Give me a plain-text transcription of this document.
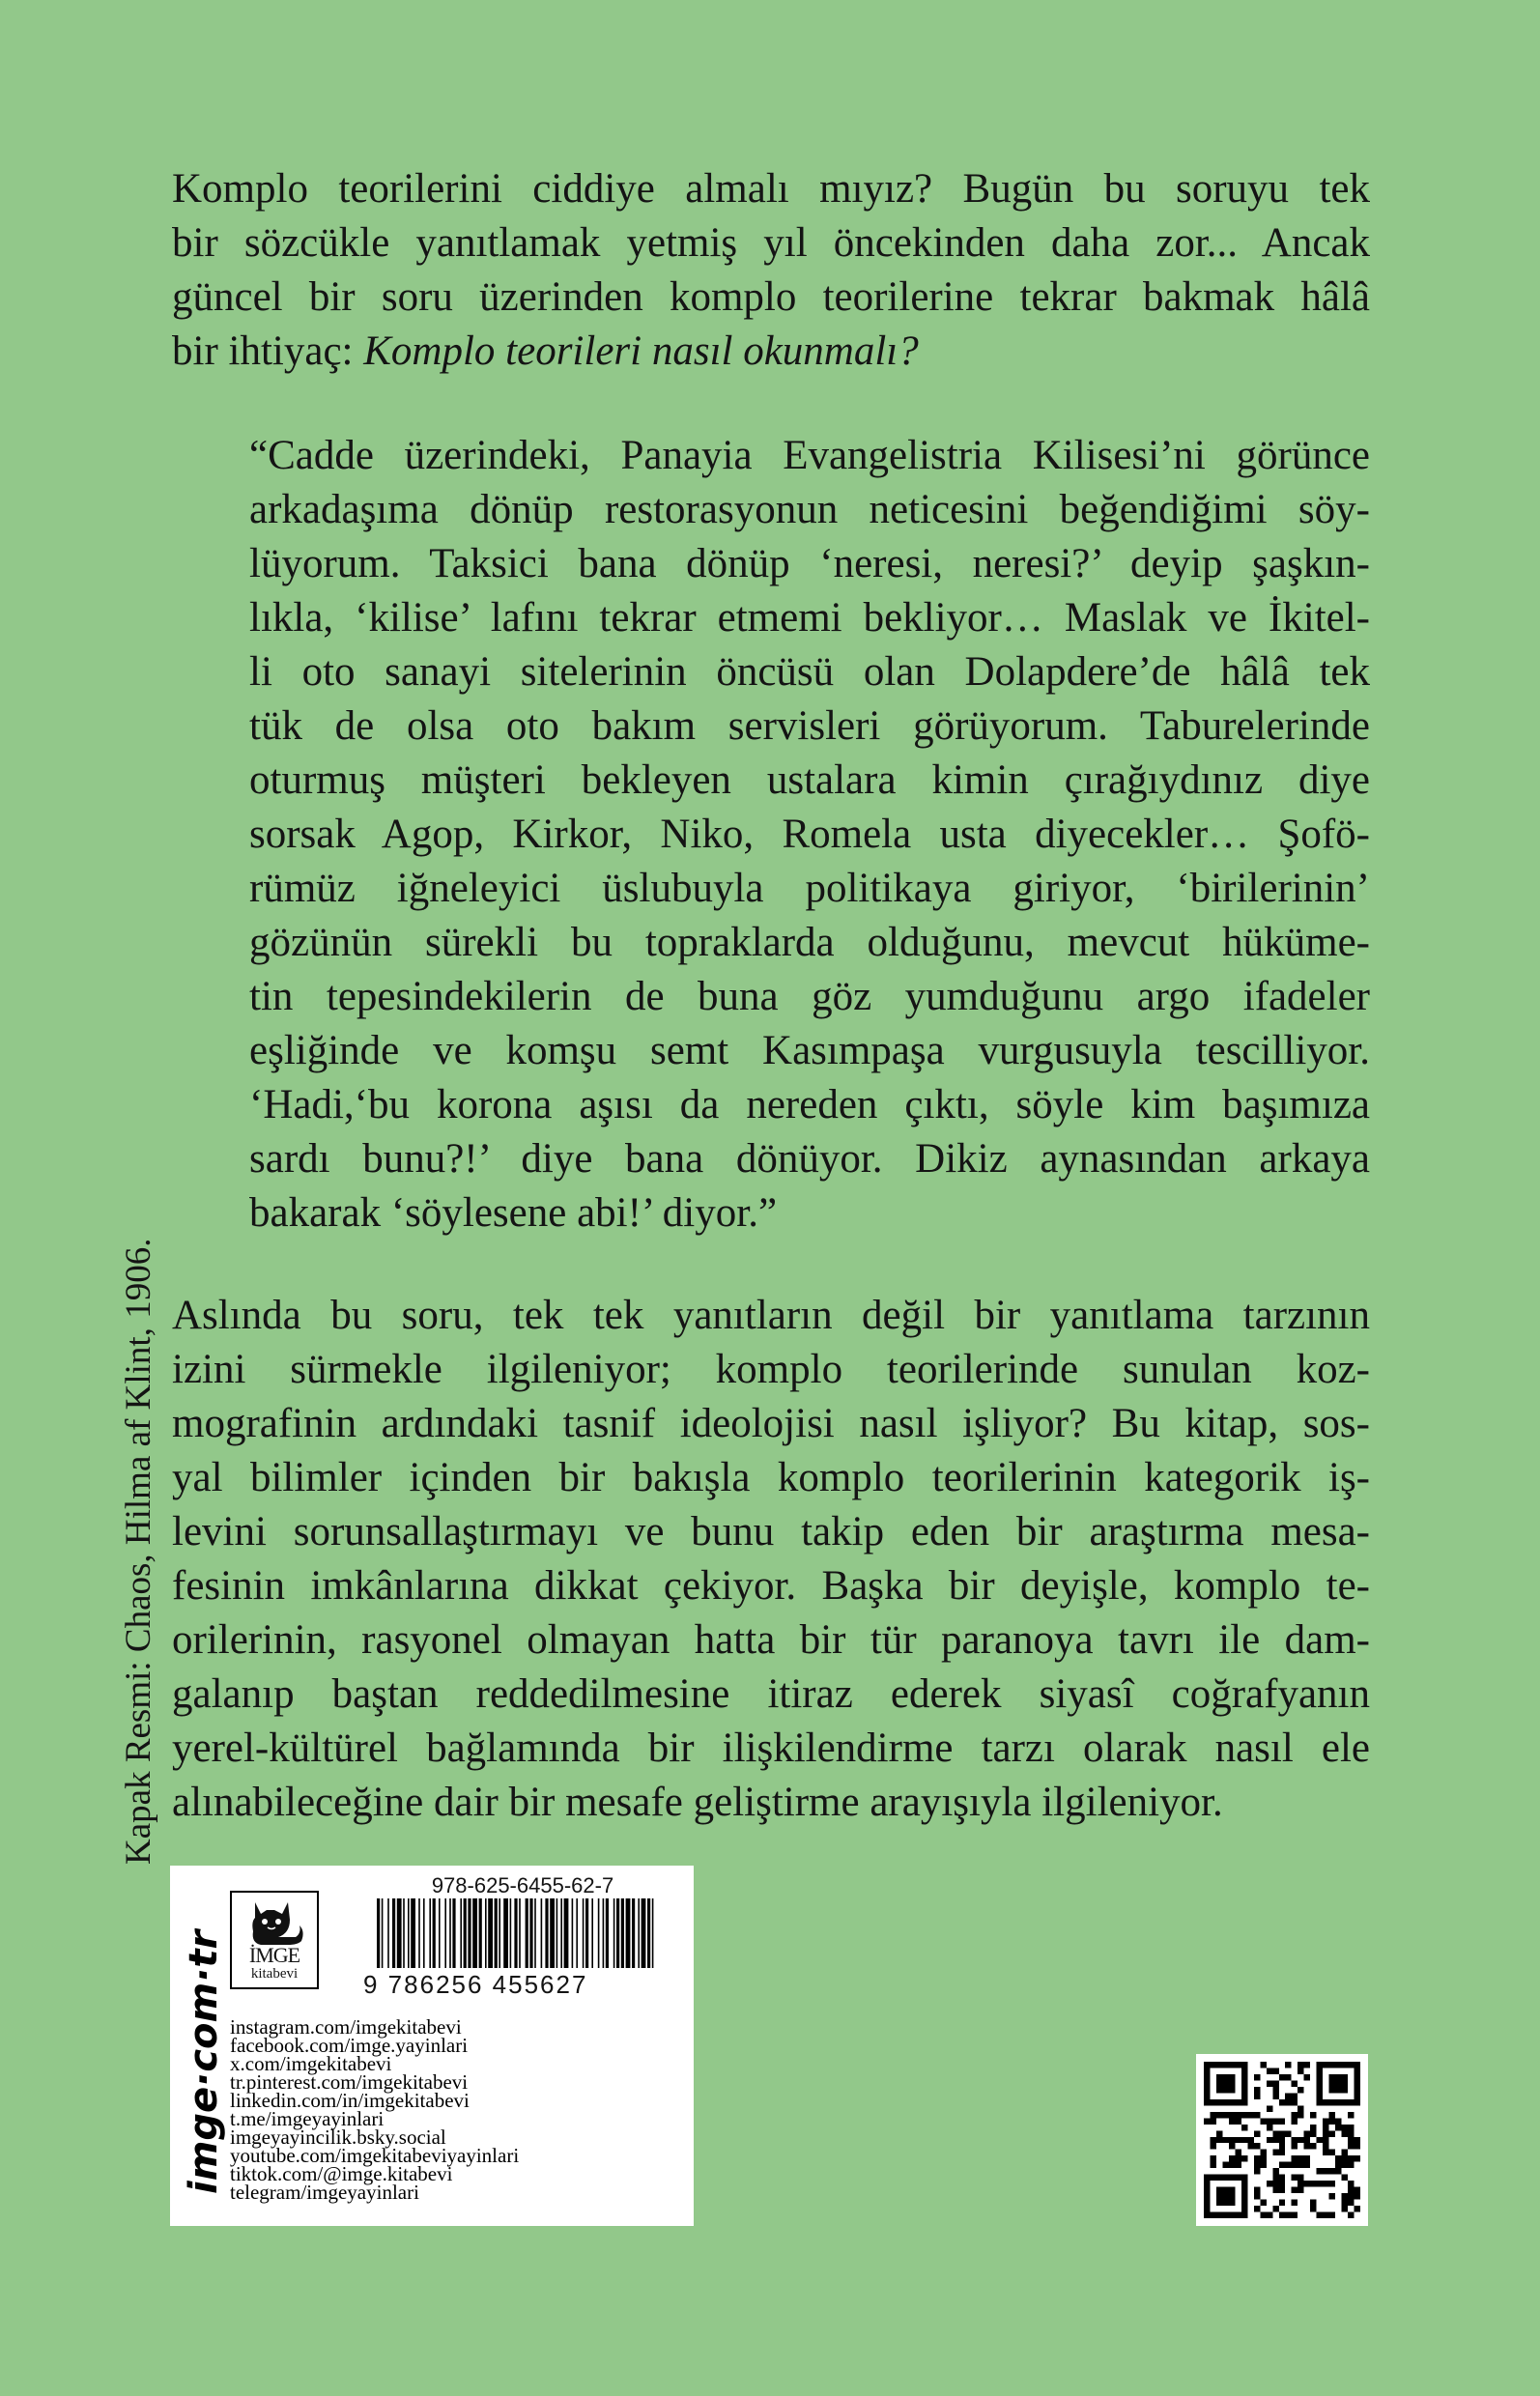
Komplo teorilerini ciddiye almalı mıyız? Bugün bu soruyu tek
bir sözcükle yanıtlamak yetmiş yıl öncekinden daha zor... Ancak
güncel bir soru üzerinden komplo teorilerine tekrar bakmak hâlâ
bir ihtiyaç: Komplo teorileri nasıl okunmalı?
“Cadde üzerindeki, Panayia Evangelistria Kilisesi’ni görünce
arkadaşıma dönüp restorasyonun neticesini beğendiğimi söy-
lüyorum. Taksici bana dönüp ‘neresi, neresi?’ deyip şaşkın-
lıkla, ‘kilise’ lafını tekrar etmemi bekliyor… Maslak ve İkitel-
li oto sanayi sitelerinin öncüsü olan Dolapdere’de hâlâ tek
tük de olsa oto bakım servisleri görüyorum. Taburelerinde
oturmuş müşteri bekleyen ustalara kimin çırağıydınız diye
sorsak Agop, Kirkor, Niko, Romela usta diyecekler… Şofö-
rümüz iğneleyici üslubuyla politikaya giriyor, ‘birilerinin’
gözünün sürekli bu topraklarda olduğunu, mevcut hüküme-
tin tepesindekilerin de buna göz yumduğunu argo ifadeler
eşliğinde ve komşu semt Kasımpaşa vurgusuyla tescilliyor.
‘Hadi,‘bu korona aşısı da nereden çıktı, söyle kim başımıza
sardı bunu?!’ diye bana dönüyor. Dikiz aynasından arkaya
bakarak ‘söylesene abi!’ diyor.”
Aslında bu soru, tek tek yanıtların değil bir yanıtlama tarzının
izini sürmekle ilgileniyor; komplo teorilerinde sunulan koz-
mografinin ardındaki tasnif ideolojisi nasıl işliyor? Bu kitap, sos-
yal bilimler içinden bir bakışla komplo teorilerinin kategorik iş-
levini sorunsallaştırmayı ve bunu takip eden bir araştırma mesa-
fesinin imkânlarına dikkat çekiyor. Başka bir deyişle, komplo te-
orilerinin, rasyonel olmayan hatta bir tür paranoya tavrı ile dam-
galanıp baştan reddedilmesine itiraz ederek siyasî coğrafyanın
yerel-kültürel bağlamında bir ilişkilendirme tarzı olarak nasıl ele
alınabileceğine dair bir mesafe geliştirme arayışıyla ilgileniyor.
Kapak Resmi: Chaos, Hilma af Klint, 1906.
imge·com·tr	İMGE
kitabevi
978-625-6455-62-7
9 786256 455627
instagram.com/imgekitabevi
facebook.com/imge.yayinlari
x.com/imgekitabevi
tr.pinterest.com/imgekitabevi
linkedin.com/in/imgekitabevi
t.me/imgeyayinlari
imgeyayincilik.bsky.social
youtube.com/imgekitabeviyayinlari
tiktok.com/@imge.kitabevi
telegram/imgeyayinlari
